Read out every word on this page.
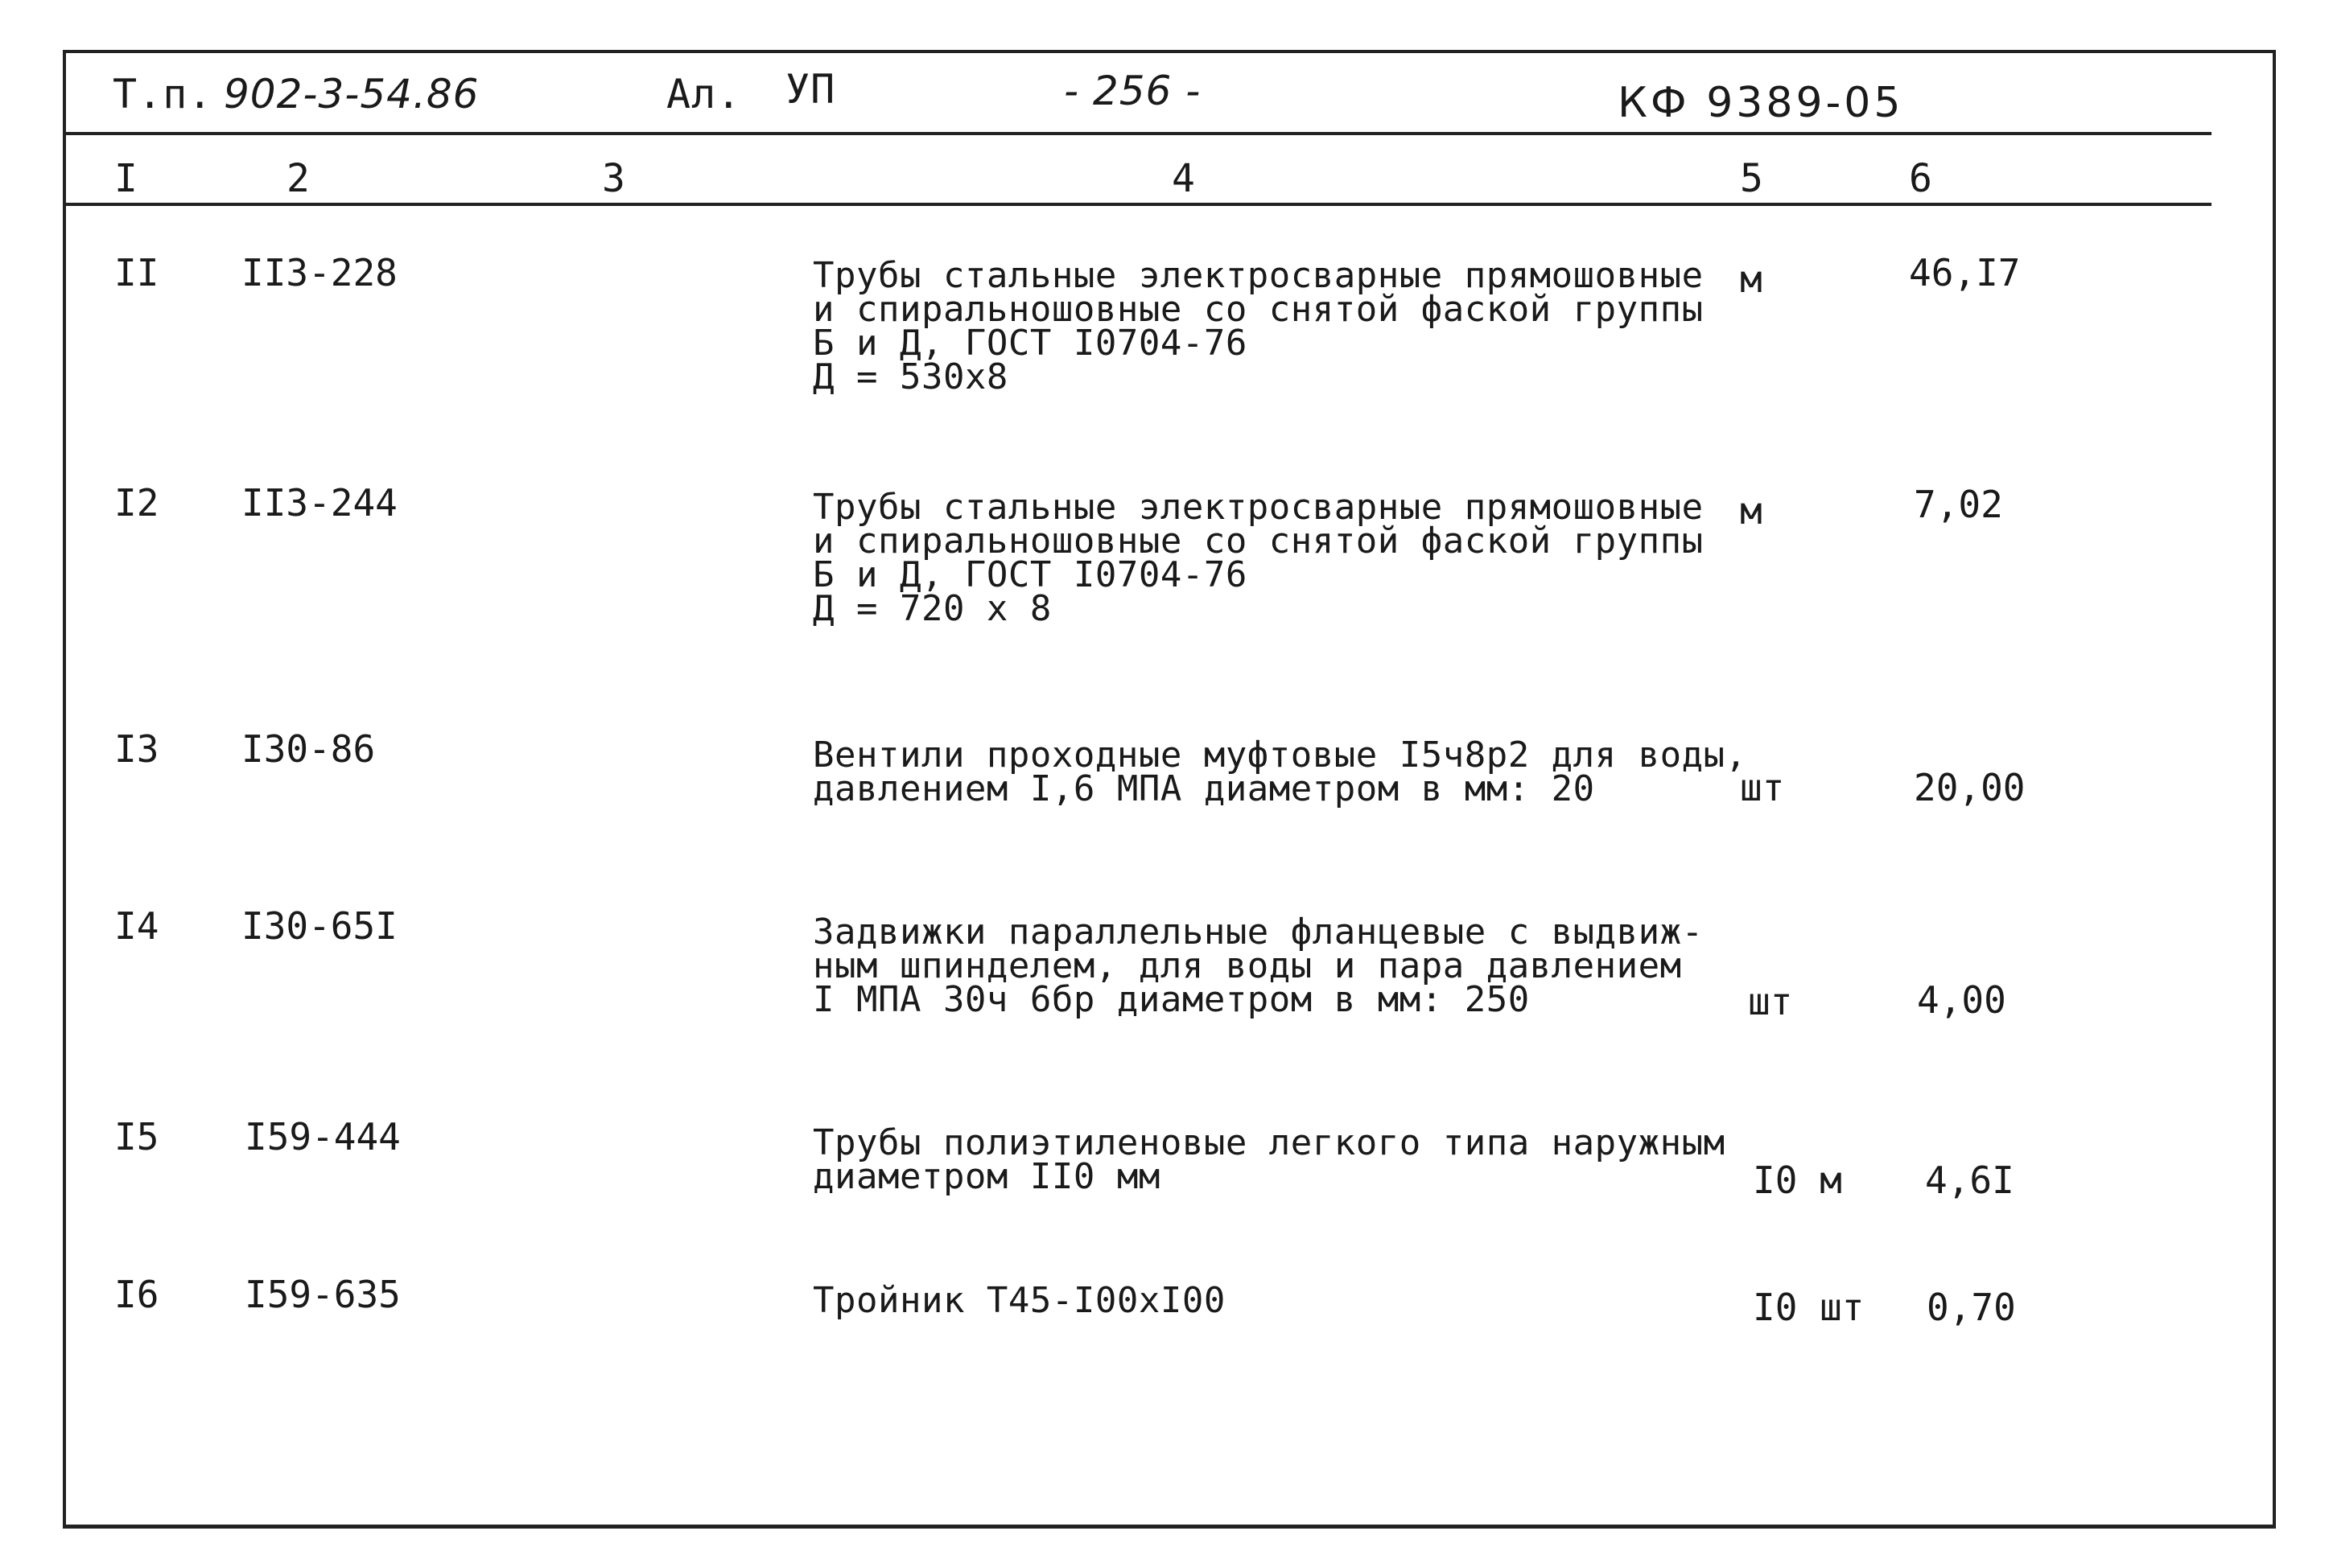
Т.п. 902-3-54.86	Ал. УП	- 256 -	КФ 9389-05
I	2	3	4	5	6
II II3-228	Трубы стальные электросварные прямошовные
и спиральношовные со снятой фаской группы
Б и Д, ГОСТ I0704-76
Д = 530х8
м	46,I7
I2 II3-244	Трубы стальные электросварные прямошовные
и спиральношовные со снятой фаской группы
Б и Д, ГОСТ I0704-76
Д = 720 х 8
м	7,02
I3 I30-86	Вентили проходные муфтовые I5ч8р2 для воды,
давлением I,6 МПА диаметром в мм: 20	шт	20,00
I4 I30-65I	Задвижки параллельные фланцевые с выдвиж-
ным шпинделем, для воды и пара давлением
I МПА 30ч 6бр диаметром в мм: 250	шт	4,00
I5 I59-444	Трубы полиэтиленовые легкого типа наружным
диаметром II0 мм	I0 м 4,6I
I6 I59-635	Тройник Т45-I00хI00	I0 шт 0,70
